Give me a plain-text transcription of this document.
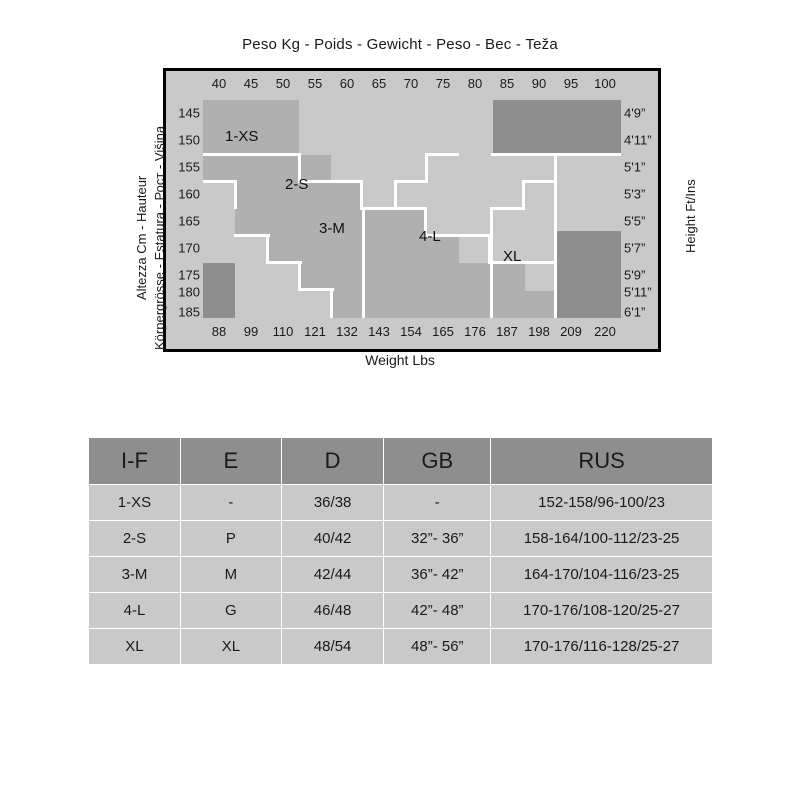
Peso Kg - Poids - Gewicht - Peso - Вес - Teža
1-XS
2-S
3-M	4-L
XL
40 45 50 55 60 65 70 75 80 85 90 95 100
88 99 110 121 132 143 154 165 176 187 198 209 220
145
150
155
160
165
170
175
180
185
4'9”
4'11”
5'1”
5'3”
5'5”
5'7”
5'9”
5'11”
6'1”
Altezza Cm - Hauteur Körpergrösse - Estatura - Рост - Višina	Height Ft/Ins
Weight Lbs
I-F	E	D	GB	RUS
1-XS	-	36/38	-	152-158/96-100/23
2-S	P	40/42	32”- 36”	158-164/100-112/23-25
3-M	M	42/44	36”- 42”	164-170/104-116/23-25
4-L	G	46/48	42”- 48”	170-176/108-120/25-27
XL	XL	48/54	48”- 56”	170-176/116-128/25-27
